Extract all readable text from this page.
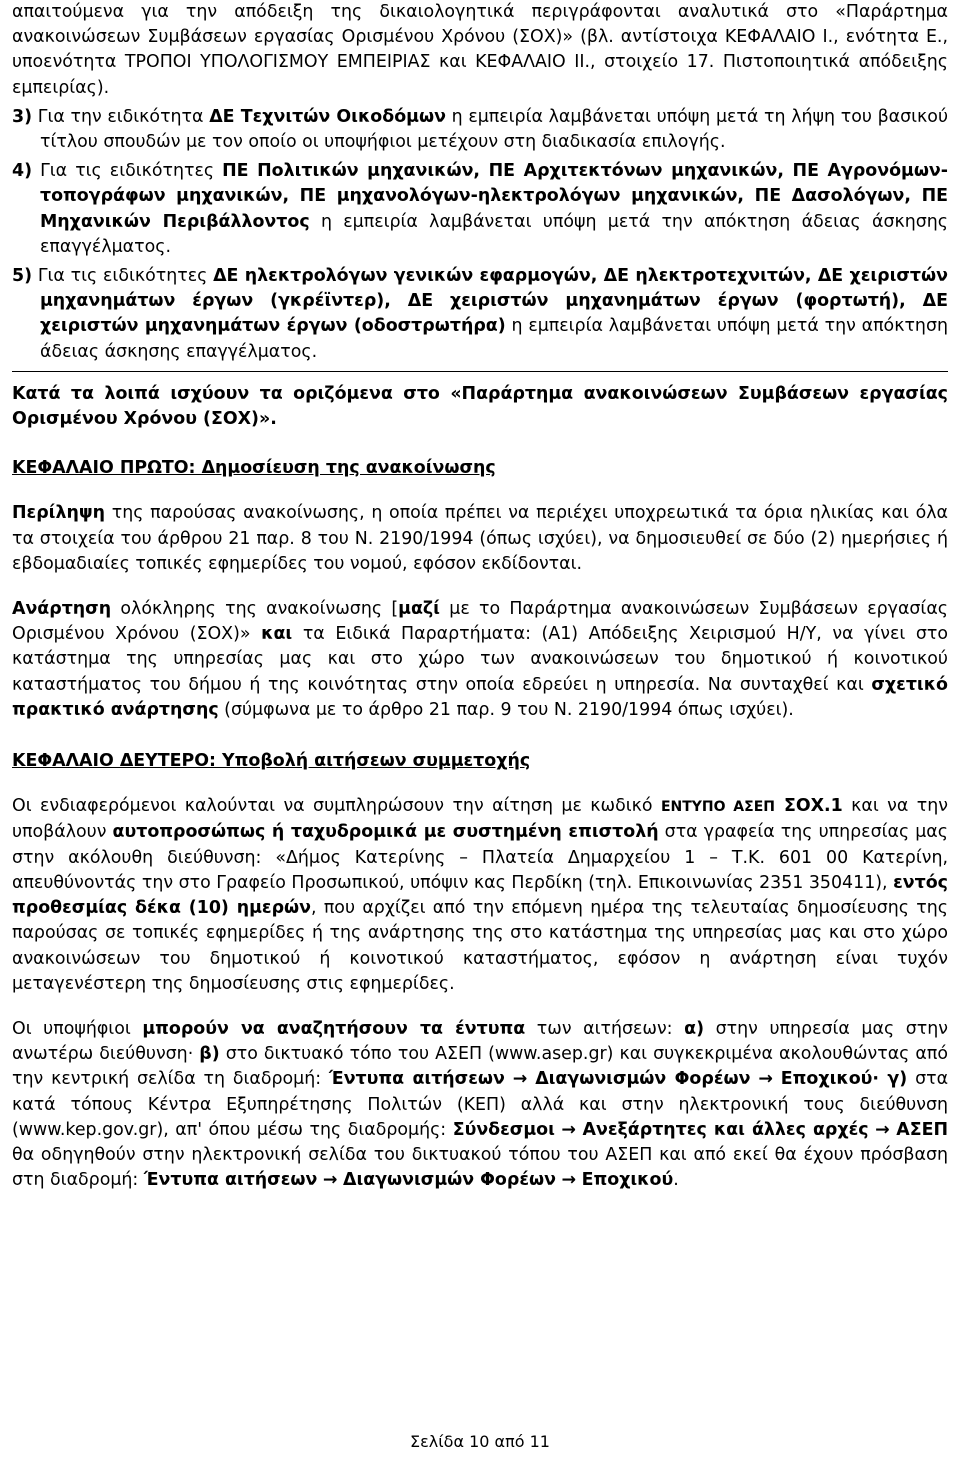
απαιτούμενα για την απόδειξη της δικαιολογητικά περιγράφονται αναλυτικά στο «Παράρτημα ανακοινώσεων Συμβάσεων εργασίας Ορισμένου Χρόνου (ΣΟΧ)» (βλ. αντίστοιχα ΚΕΦΑΛΑΙΟ Ι., ενότητα Ε., υποενότητα ΤΡΟΠΟΙ ΥΠΟΛΟΓΙΣΜΟΥ ΕΜΠΕΙΡΙΑΣ και ΚΕΦΑΛΑΙΟ ΙΙ., στοιχείο 17. Πιστοποιητικά απόδειξης εμπειρίας).

3) Για την ειδικότητα ΔΕ Τεχνιτών Οικοδόμων η εμπειρία λαμβάνεται υπόψη μετά τη λήψη του βασικού τίτλου σπουδών με τον οποίο οι υποψήφιοι μετέχουν στη διαδικασία επιλογής.

4) Για τις ειδικότητες ΠΕ Πολιτικών μηχανικών, ΠΕ Αρχιτεκτόνων μηχανικών, ΠΕ Αγρονόμων-τοπογράφων μηχανικών, ΠΕ μηχανολόγων-ηλεκτρολόγων μηχανικών, ΠΕ Δασολόγων, ΠΕ Μηχανικών Περιβάλλοντος η εμπειρία λαμβάνεται υπόψη μετά την απόκτηση άδειας άσκησης επαγγέλματος.

5) Για τις ειδικότητες ΔΕ ηλεκτρολόγων γενικών εφαρμογών, ΔΕ ηλεκτροτεχνιτών, ΔΕ χειριστών μηχανημάτων έργων (γκρέϊντερ), ΔΕ χειριστών μηχανημάτων έργων (φορτωτή), ΔΕ χειριστών μηχανημάτων έργων (οδοστρωτήρα) η εμπειρία λαμβάνεται υπόψη μετά την απόκτηση άδειας άσκησης επαγγέλματος.

Κατά τα λοιπά ισχύουν τα οριζόμενα στο «Παράρτημα ανακοινώσεων Συμβάσεων εργασίας Ορισμένου Χρόνου (ΣΟΧ)».

ΚΕΦΑΛΑΙΟ ΠΡΩΤΟ: Δημοσίευση της ανακοίνωσης

Περίληψη της παρούσας ανακοίνωσης, η οποία πρέπει να περιέχει υποχρεωτικά τα όρια ηλικίας και όλα τα στοιχεία του άρθρου 21 παρ. 8 του Ν. 2190/1994 (όπως ισχύει), να δημοσιευθεί σε δύο (2) ημερήσιες ή εβδομαδιαίες τοπικές εφημερίδες του νομού, εφόσον εκδίδονται.

Ανάρτηση ολόκληρης της ανακοίνωσης [μαζί με το Παράρτημα ανακοινώσεων Συμβάσεων εργασίας Ορισμένου Χρόνου (ΣΟΧ)» και τα Ειδικά Παραρτήματα: (Α1) Απόδειξης Χειρισμού Η/Υ, να γίνει στο κατάστημα της υπηρεσίας μας και στο χώρο των ανακοινώσεων του δημοτικού ή κοινοτικού καταστήματος του δήμου ή της κοινότητας στην οποία εδρεύει η υπηρεσία. Να συνταχθεί και σχετικό πρακτικό ανάρτησης (σύμφωνα με το άρθρο 21 παρ. 9 του Ν. 2190/1994 όπως ισχύει).

ΚΕΦΑΛΑΙΟ ΔΕΥΤΕΡΟ: Υποβολή αιτήσεων συμμετοχής

Οι ενδιαφερόμενοι καλούνται να συμπληρώσουν την αίτηση με κωδικό ΕΝΤΥΠΟ ΑΣΕΠ ΣΟΧ.1 και να την υποβάλουν αυτοπροσώπως ή ταχυδρομικά με συστημένη επιστολή στα γραφεία της υπηρεσίας μας στην ακόλουθη διεύθυνση: «Δήμος Κατερίνης – Πλατεία Δημαρχείου 1 – Τ.Κ. 601 00 Κατερίνη, απευθύνοντάς την στο Γραφείο Προσωπικού, υπόψιν κας Περδίκη (τηλ. Επικοινωνίας 2351 350411), εντός προθεσμίας δέκα (10) ημερών, που αρχίζει από την επόμενη ημέρα της τελευταίας δημοσίευσης της παρούσας σε τοπικές εφημερίδες ή της ανάρτησης της στο κατάστημα της υπηρεσίας μας και στο χώρο ανακοινώσεων του δημοτικού ή κοινοτικού καταστήματος, εφόσον η ανάρτηση είναι τυχόν μεταγενέστερη της δημοσίευσης στις εφημερίδες.

Οι υποψήφιοι μπορούν να αναζητήσουν τα έντυπα των αιτήσεων: α) στην υπηρεσία μας στην ανωτέρω διεύθυνση· β) στο δικτυακό τόπο του ΑΣΕΠ (www.asep.gr) και συγκεκριμένα ακολουθώντας από την κεντρική σελίδα τη διαδρομή: Έντυπα αιτήσεων → Διαγωνισμών Φορέων → Εποχικού· γ) στα κατά τόπους Κέντρα Εξυπηρέτησης Πολιτών (ΚΕΠ) αλλά και στην ηλεκτρονική τους διεύθυνση (www.kep.gov.gr), απ' όπου μέσω της διαδρομής: Σύνδεσμοι → Ανεξάρτητες και άλλες αρχές → ΑΣΕΠ θα οδηγηθούν στην ηλεκτρονική σελίδα του δικτυακού τόπου του ΑΣΕΠ και από εκεί θα έχουν πρόσβαση στη διαδρομή: Έντυπα αιτήσεων → Διαγωνισμών Φορέων → Εποχικού.

Σελίδα 10 από 11
